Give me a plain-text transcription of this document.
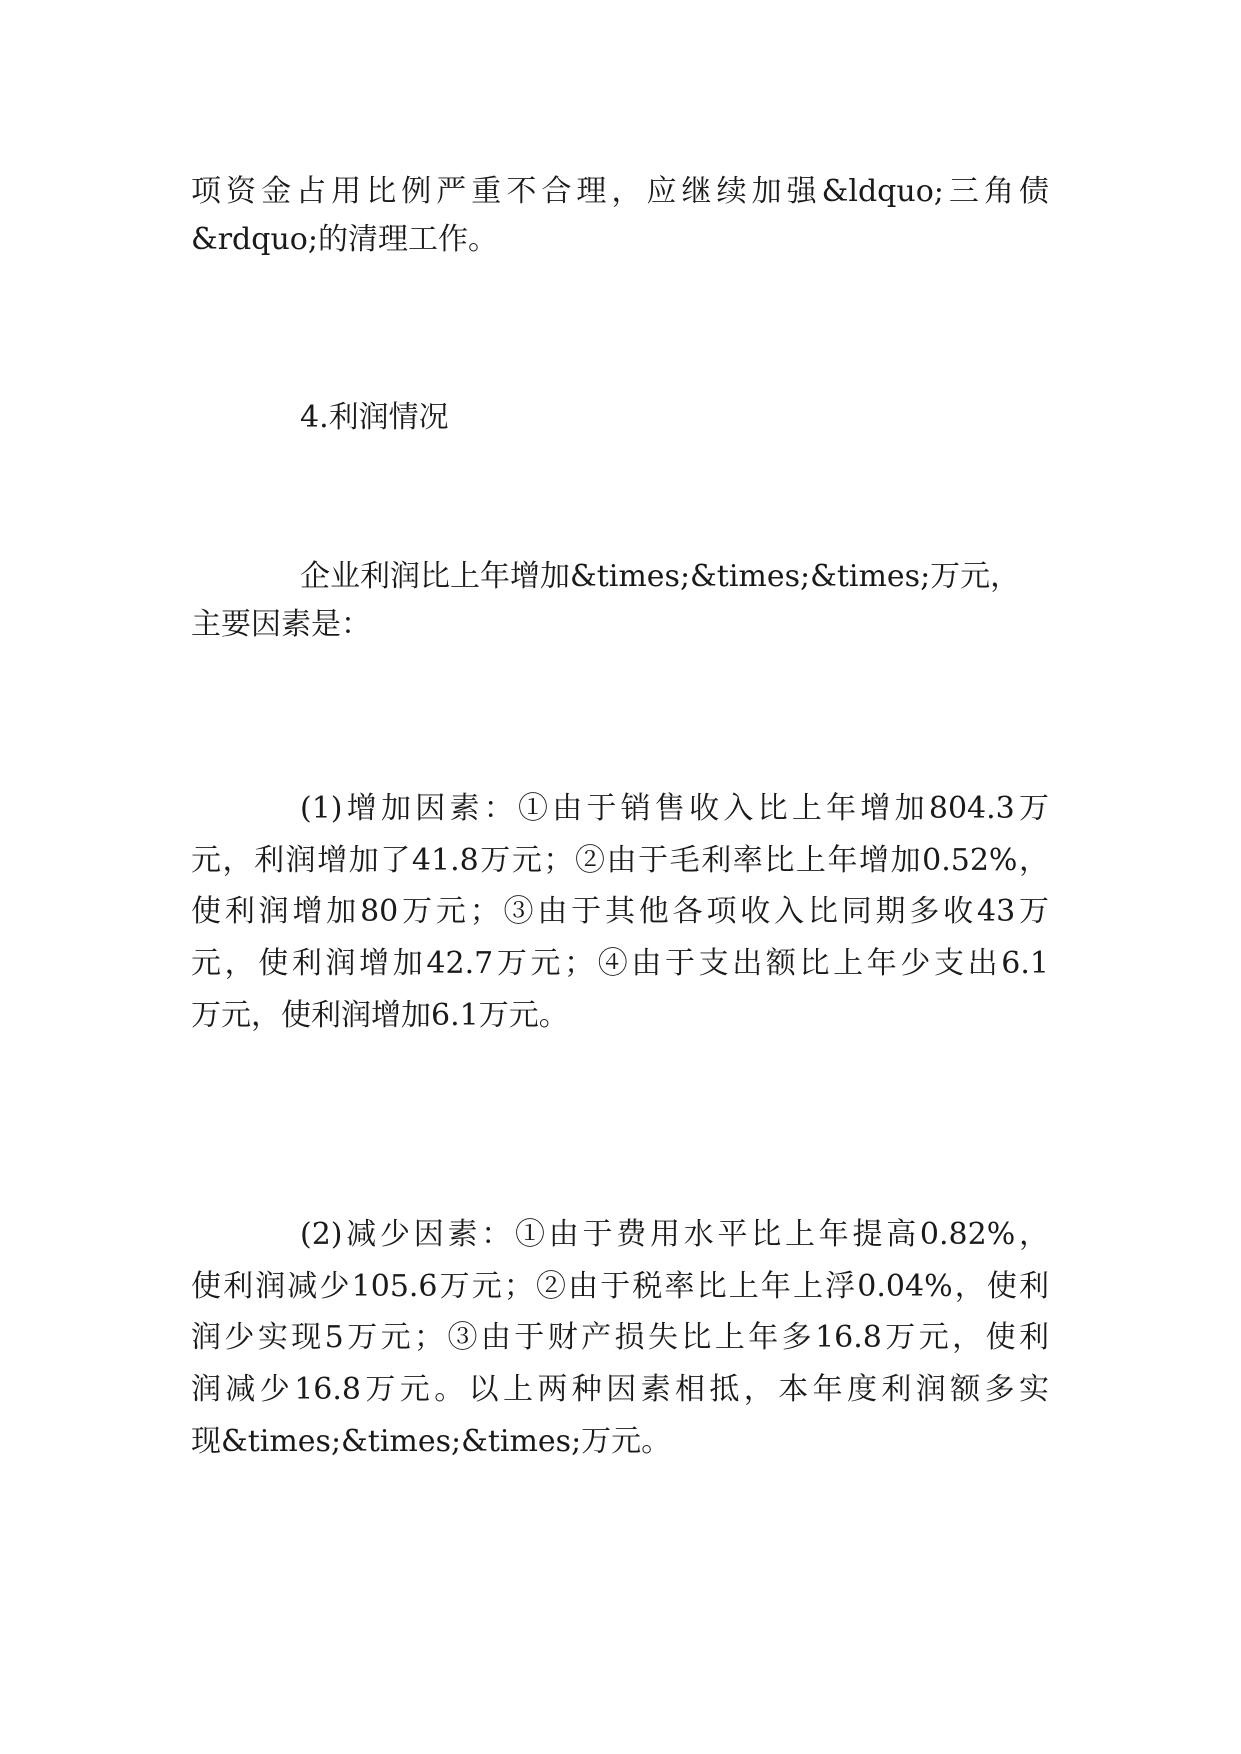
项资金占用比例严重不合理，应继续加强&ldquo;三角债

&rdquo;的清理工作。

4.利润情况

企业利润比上年增加&times;&times;&times;万元，

主要因素是：

(1)增加因素：①由于销售收入比上年增加804.3万

元，利润增加了41.8万元；②由于毛利率比上年增加0.52%，

使利润增加80万元；③由于其他各项收入比同期多收43万

元，使利润增加42.7万元；④由于支出额比上年少支出6.1

万元，使利润增加6.1万元。

(2)减少因素：①由于费用水平比上年提高0.82%，

使利润减少105.6万元；②由于税率比上年上浮0.04%，使利

润少实现5万元；③由于财产损失比上年多16.8万元，使利

润减少16.8万元。以上两种因素相抵，本年度利润额多实

现&times;&times;&times;万元。
